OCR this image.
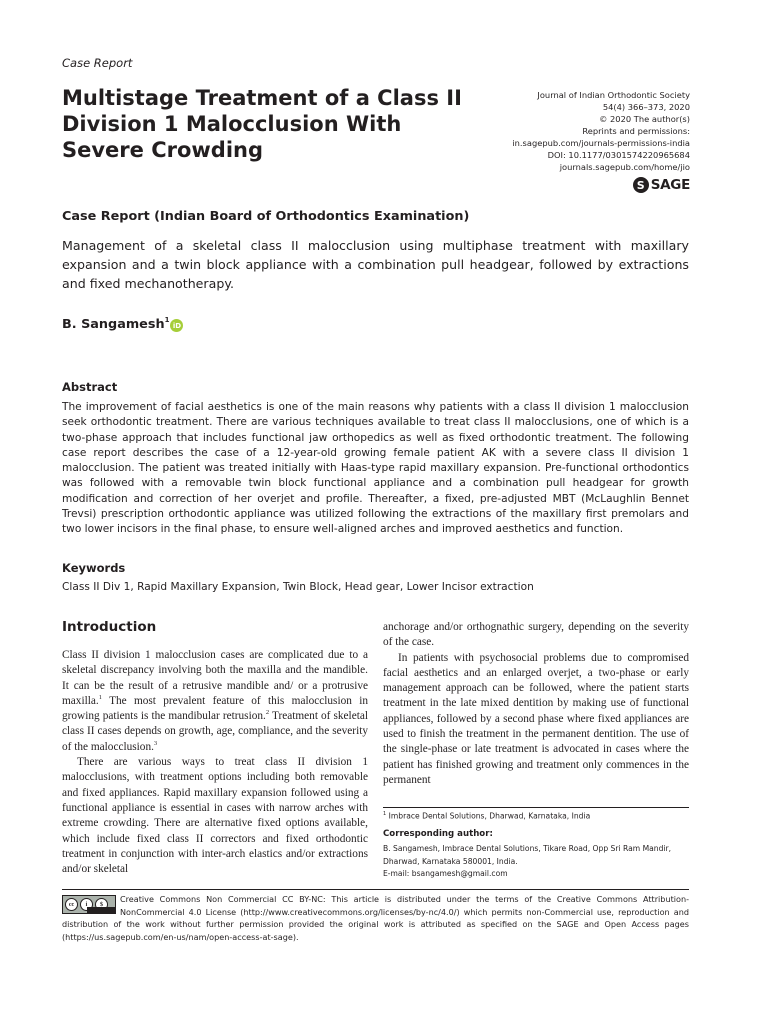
Case Report
Multistage Treatment of a Class II Division 1 Malocclusion With Severe Crowding
Journal of Indian Orthodontic Society
54(4) 366–373, 2020
© 2020 The author(s)
Reprints and permissions:
in.sagepub.com/journals-permissions-india
DOI: 10.1177/0301574220965684
journals.sagepub.com/home/jio
S SAGE
Case Report (Indian Board of Orthodontics Examination)

Management of a skeletal class II malocclusion using multiphase treatment with maxillary expansion and a twin block appliance with a combination pull headgear, followed by extractions and fixed mechanotherapy.

B. Sangamesh$^1$
iD
Abstract

The improvement of facial aesthetics is one of the main reasons why patients with a class II division 1 malocclusion seek orthodontic treatment. There are various techniques available to treat class II malocclusions, one of which is a two-phase approach that includes functional jaw orthopedics as well as fixed orthodontic treatment. The following case report describes the case of a 12-year-old growing female patient AK with a severe class II division 1 malocclusion. The patient was treated initially with Haas-type rapid maxillary expansion. Pre-functional orthodontics was followed with a removable twin block functional appliance and a combination pull headgear for growth modification and correction of her overjet and profile. Thereafter, a fixed, pre-adjusted MBT (McLaughlin Bennet Trevsi) prescription orthodontic appliance was utilized following the extractions of the maxillary first premolars and two lower incisors in the final phase, to ensure well-aligned arches and improved aesthetics and function.

Keywords
Class II Div 1, Rapid Maxillary Expansion, Twin Block, Head gear, Lower Incisor extraction
Introduction

Class II division 1 malocclusion cases are complicated due to a skeletal discrepancy involving both the maxilla and the mandible. It can be the result of a retrusive mandible and/ or a protrusive maxilla.$^1$ The most prevalent feature of this malocclusion in growing patients is the mandibular retrusion.$^2$ Treatment of skeletal class II cases depends on growth, age, compliance, and the severity of the malocclusion.$^3$

There are various ways to treat class II division 1 malocclusions, with treatment options including both removable and fixed appliances. Rapid maxillary expansion followed using a functional appliance is essential in cases with narrow arches with extreme crowding. There are alternative fixed options available, which include fixed class II correctors and fixed orthodontic treatment in conjunction with inter-arch elastics and/or extractions and/or skeletal

anchorage and/or orthognathic surgery, depending on the severity of the case.

In patients with psychosocial problems due to compromised facial aesthetics and an enlarged overjet, a two-phase or early management approach can be followed, where the patient starts treatment in the late mixed dentition by making use of functional appliances, followed by a second phase where fixed appliances are used to finish the treatment in the permanent dentition. The use of the single-phase or late treatment is advocated in cases where the patient has finished growing and treatment only commences in the permanent

$^1$ Imbrace Dental Solutions, Dharwad, Karnataka, India
Corresponding author:
B. Sangamesh, Imbrace Dental Solutions, Tikare Road, Opp Sri Ram Mandir,
Dharwad, Karnataka 580001, India.
E-mail: bsangamesh@gmail.com
cc	i	$

Creative Commons Non Commercial CC BY-NC: This article is distributed under the terms of the Creative Commons Attribution-NonCommercial 4.0 License (http://www.creativecommons.org/licenses/by-nc/4.0/) which permits non-Commercial use, reproduction and distribution of the work without further permission provided the original work is attributed as specified on the SAGE and Open Access pages (https://us.sagepub.com/en-us/nam/open-access-at-sage).
